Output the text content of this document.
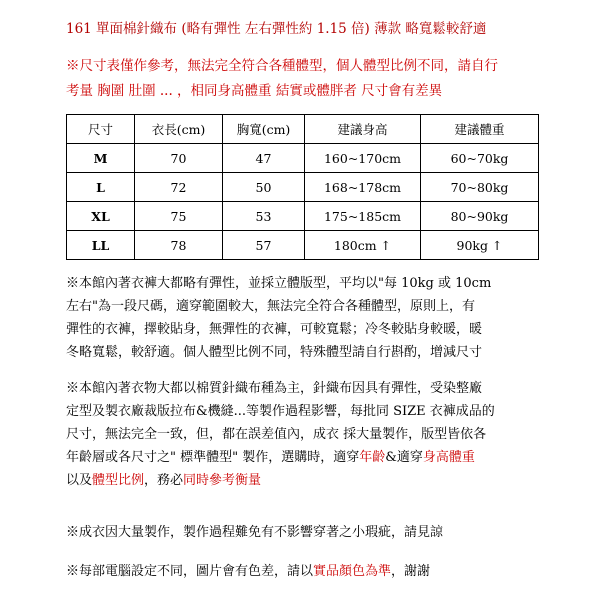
161 單面棉針織布 (略有彈性 左右彈性約 1.15 倍) 薄款 略寬鬆較舒適
※尺寸表僅作參考，無法完全符合各種體型，個人體型比例不同，請自行
考量 胸圍 肚圍 ... ，相同身高體重 結實或體胖者 尺寸會有差異
尺寸	衣長(cm)	胸寬(cm)	建議身高	建議體重
M	70	47	160~170cm	60~70kg
L	72	50	168~178cm	70~80kg
XL	75	53	175~185cm	80~90kg
LL	78	57	180cm ↑	90kg ↑
※本館內著衣褲大都略有彈性，並採立體版型，平均以"每 10kg 或 10cm
左右"為一段尺碼，適穿範圍較大，無法完全符合各種體型，原則上，有
彈性的衣褲，擇較貼身，無彈性的衣褲，可較寬鬆；冷冬較貼身較暖，暖
冬略寬鬆，較舒適。個人體型比例不同，特殊體型請自行斟酌，增減尺寸
※本館內著衣物大都以棉質針織布種為主，針織布因具有彈性，受染整廠
定型及製衣廠裁版拉布&機縫...等製作過程影響，每批同 SIZE 衣褲成品的
尺寸，無法完全一致，但，都在誤差值內，成衣 採大量製作，版型皆依各
年齡層或各尺寸之" 標準體型" 製作，選購時，適穿年齡&適穿身高體重
以及體型比例，務必同時參考衡量
※成衣因大量製作，製作過程難免有不影響穿著之小瑕疵，請見諒
※每部電腦設定不同，圖片會有色差，請以實品顏色為準，謝謝
